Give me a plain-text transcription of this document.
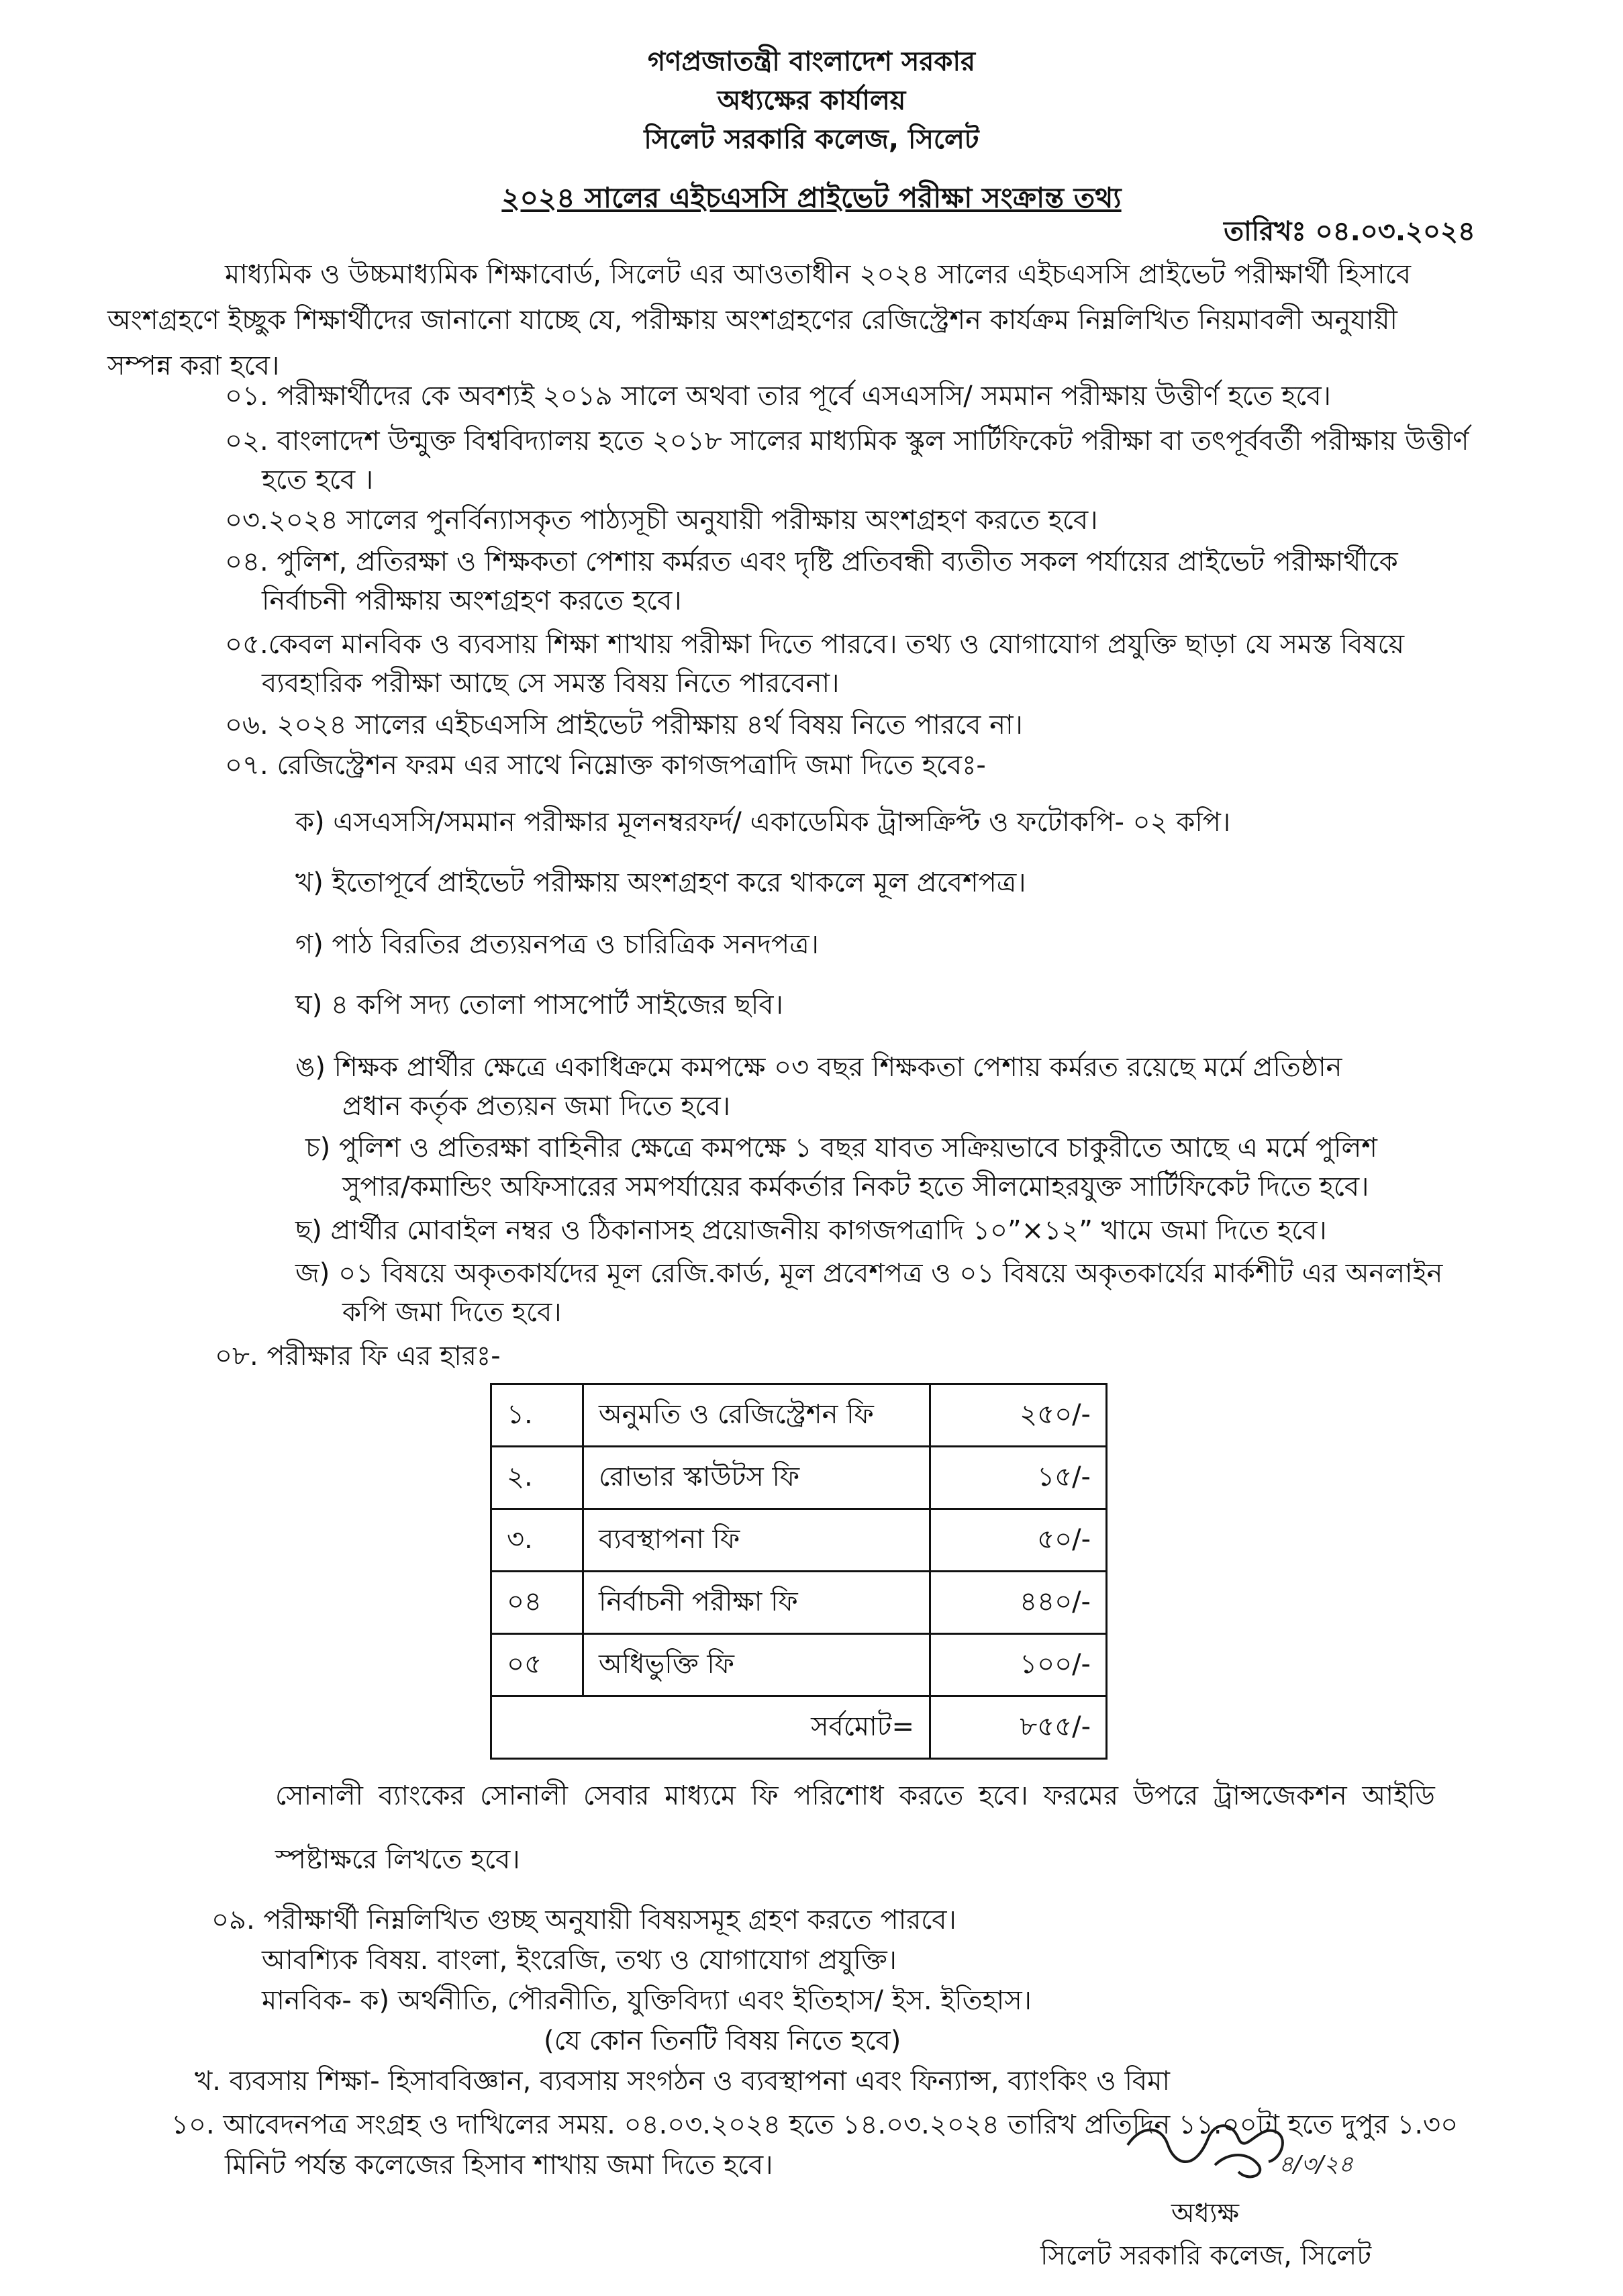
গণপ্রজাতন্ত্রী বাংলাদেশ সরকার
অধ্যক্ষের কার্যালয়
সিলেট সরকারি কলেজ, সিলেট
২০২৪ সালের এইচএসসি প্রাইভেট পরীক্ষা সংক্রান্ত তথ্য
তারিখঃ ০৪.০৩.২০২৪
মাধ্যমিক ও উচ্চমাধ্যমিক শিক্ষাবোর্ড, সিলেট এর আওতাধীন ২০২৪ সালের এইচএসসি প্রাইভেট পরীক্ষার্থী হিসাবে
অংশগ্রহণে ইচ্ছুক শিক্ষার্থীদের জানানো যাচ্ছে যে, পরীক্ষায় অংশগ্রহণের রেজিস্ট্রেশন কার্যক্রম নিম্নলিখিত নিয়মাবলী অনুযায়ী
সম্পন্ন করা হবে।
০১. পরীক্ষার্থীদের কে অবশ্যই ২০১৯ সালে অথবা তার পূর্বে এসএসসি/ সমমান পরীক্ষায় উত্তীর্ণ হতে হবে।
০২. বাংলাদেশ উন্মুক্ত বিশ্ববিদ্যালয় হতে ২০১৮ সালের মাধ্যমিক স্কুল সার্টিফিকেট পরীক্ষা বা তৎপূর্ববর্তী পরীক্ষায় উত্তীর্ণ
হতে হবে ।
০৩.২০২৪ সালের পুনর্বিন্যাসকৃত পাঠ্যসূচী অনুযায়ী পরীক্ষায় অংশগ্রহণ করতে হবে।
০৪. পুলিশ, প্রতিরক্ষা ও শিক্ষকতা পেশায় কর্মরত এবং দৃষ্টি প্রতিবন্ধী ব্যতীত সকল পর্যায়ের প্রাইভেট পরীক্ষার্থীকে
নির্বাচনী পরীক্ষায় অংশগ্রহণ করতে হবে।
০৫.কেবল মানবিক ও ব্যবসায় শিক্ষা শাখায় পরীক্ষা দিতে পারবে। তথ্য ও যোগাযোগ প্রযুক্তি ছাড়া যে সমস্ত বিষয়ে
ব্যবহারিক পরীক্ষা আছে সে সমস্ত বিষয় নিতে পারবেনা।
০৬. ২০২৪ সালের এইচএসসি প্রাইভেট পরীক্ষায় ৪র্থ বিষয় নিতে পারবে না।
০৭. রেজিস্ট্রেশন ফরম এর সাথে নিম্নোক্ত কাগজপত্রাদি জমা দিতে হবেঃ-
ক) এসএসসি/সমমান পরীক্ষার মূলনম্বরফর্দ/ একাডেমিক ট্রান্সক্রিপ্ট ও ফটোকপি- ০২ কপি।
খ) ইতোপূর্বে প্রাইভেট পরীক্ষায় অংশগ্রহণ করে থাকলে মূল প্রবেশপত্র।
গ) পাঠ বিরতির প্রত্যয়নপত্র ও চারিত্রিক সনদপত্র।
ঘ) ৪ কপি সদ্য তোলা পাসপোর্ট সাইজের ছবি।
ঙ) শিক্ষক প্রার্থীর ক্ষেত্রে একাধিক্রমে কমপক্ষে ০৩ বছর শিক্ষকতা পেশায় কর্মরত রয়েছে মর্মে প্রতিষ্ঠান
প্রধান কর্তৃক প্রত্যয়ন জমা দিতে হবে।
চ) পুলিশ ও প্রতিরক্ষা বাহিনীর ক্ষেত্রে কমপক্ষে ১ বছর যাবত সক্রিয়ভাবে চাকুরীতে আছে এ মর্মে পুলিশ
সুপার/কমান্ডিং অফিসারের সমপর্যায়ের কর্মকর্তার নিকট হতে সীলমোহরযুক্ত সার্টিফিকেট দিতে হবে।
ছ) প্রার্থীর মোবাইল নম্বর ও ঠিকানাসহ প্রয়োজনীয় কাগজপত্রাদি ১০”×১২” খামে জমা দিতে হবে।
জ) ০১ বিষয়ে অকৃতকার্যদের মূল রেজি.কার্ড, মূল প্রবেশপত্র ও ০১ বিষয়ে অকৃতকার্যের মার্কশীট এর অনলাইন
কপি জমা দিতে হবে।
০৮. পরীক্ষার ফি এর হারঃ-
১.	অনুমতি ও রেজিস্ট্রেশন ফি	২৫০/-
২.	রোভার স্কাউটস ফি	১৫/-
৩.	ব্যবস্থাপনা ফি	৫০/-
০৪	নির্বাচনী পরীক্ষা ফি	৪৪০/-
০৫	অধিভুক্তি ফি	১০০/-
	সর্বমোট=	৮৫৫/-
সোনালী ব্যাংকের সোনালী সেবার মাধ্যমে ফি পরিশোধ করতে হবে। ফরমের উপরে ট্রান্সজেকশন আইডি
স্পষ্টাক্ষরে লিখতে হবে।
০৯. পরীক্ষার্থী নিম্নলিখিত গুচ্ছ অনুযায়ী বিষয়সমূহ গ্রহণ করতে পারবে।
আবশ্যিক বিষয়. বাংলা, ইংরেজি, তথ্য ও যোগাযোগ প্রযুক্তি।
মানবিক- ক) অর্থনীতি, পৌরনীতি, যুক্তিবিদ্যা এবং ইতিহাস/ ইস. ইতিহাস।
(যে কোন তিনটি বিষয় নিতে হবে)
খ. ব্যবসায় শিক্ষা- হিসাববিজ্ঞান, ব্যবসায় সংগঠন ও ব্যবস্থাপনা এবং ফিন্যান্স, ব্যাংকিং ও বিমা
১০. আবেদনপত্র সংগ্রহ ও দাখিলের সময়. ০৪.০৩.২০২৪ হতে ১৪.০৩.২০২৪ তারিখ প্রতিদিন ১১.০০টা হতে দুপুর ১.৩০
মিনিট পর্যন্ত কলেজের হিসাব শাখায় জমা দিতে হবে।	৪/৩/২৪
অধ্যক্ষ
সিলেট সরকারি কলেজ, সিলেট
